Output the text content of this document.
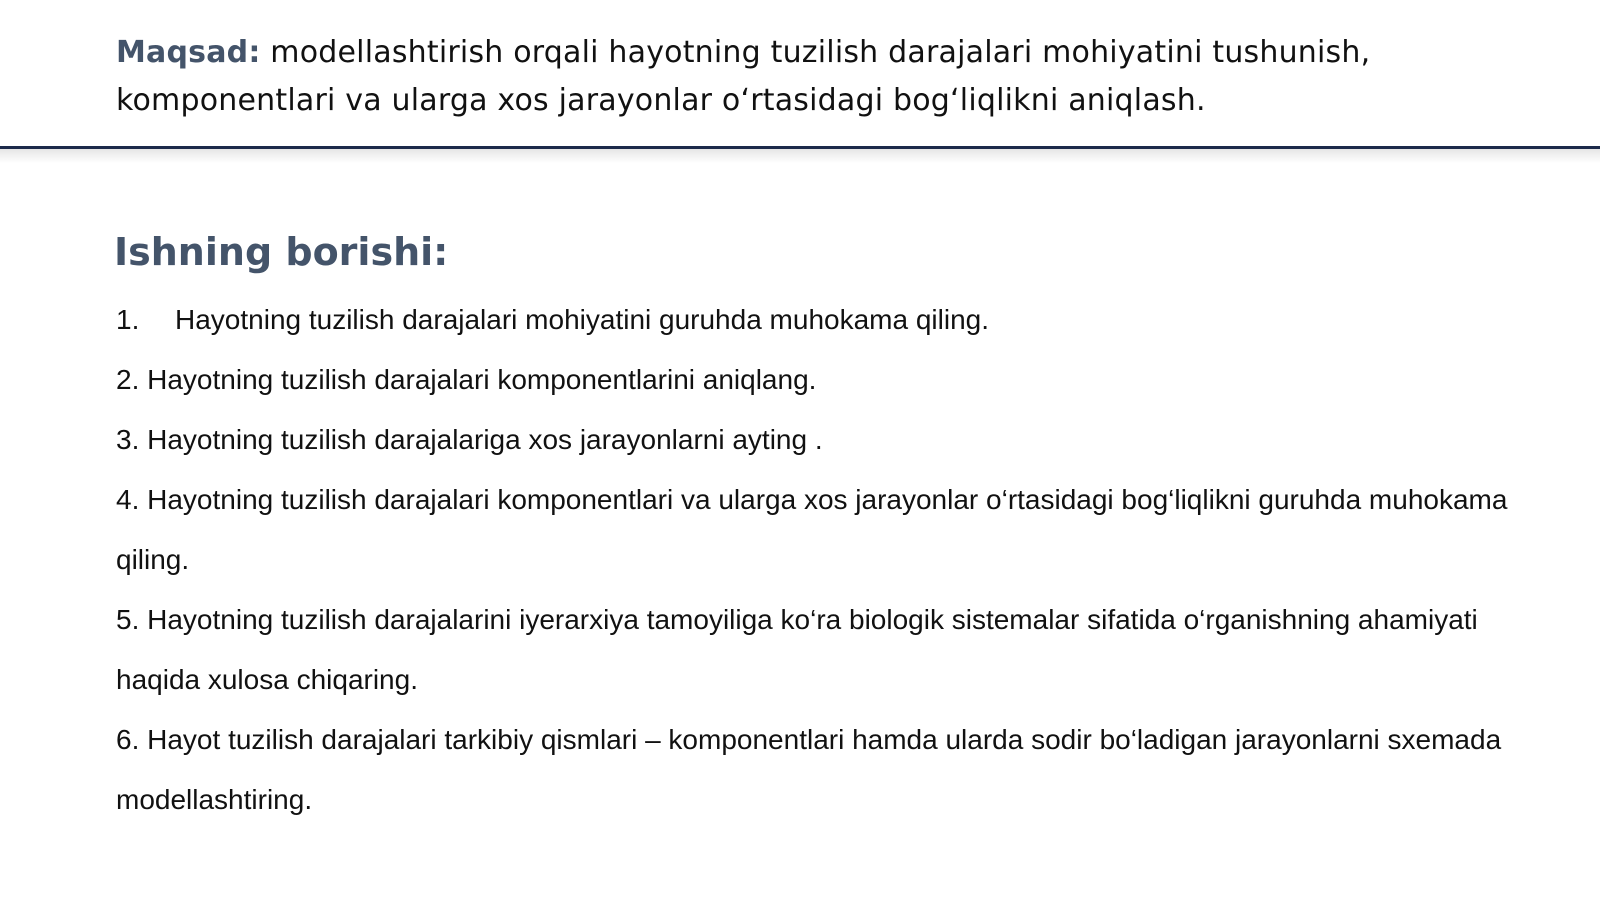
Maqsad: modellashtirish orqali hayotning tuzilish darajalari mohiyatini tushunish, komponentlari va ularga xos jarayonlar o‘rtasidagi bog‘liqlikni aniqlash.
Ishning borishi:
1. Hayotning tuzilish darajalari mohiyatini guruhda muhokama qiling.
2. Hayotning tuzilish darajalari komponentlarini aniqlang.
3. Hayotning tuzilish darajalariga xos jarayonlarni ayting .
4. Hayotning tuzilish darajalari komponentlari va ularga xos jarayonlar o‘rtasidagi bog‘liqlikni guruhda muhokama qiling.
5. Hayotning tuzilish darajalarini iyerarxiya tamoyiliga ko‘ra biologik sistemalar sifatida o‘rganishning ahamiyati haqida xulosa chiqaring.
6. Hayot tuzilish darajalari tarkibiy qismlari – komponentlari hamda ularda sodir bo‘ladigan jarayonlarni sxemada modellashtiring.
